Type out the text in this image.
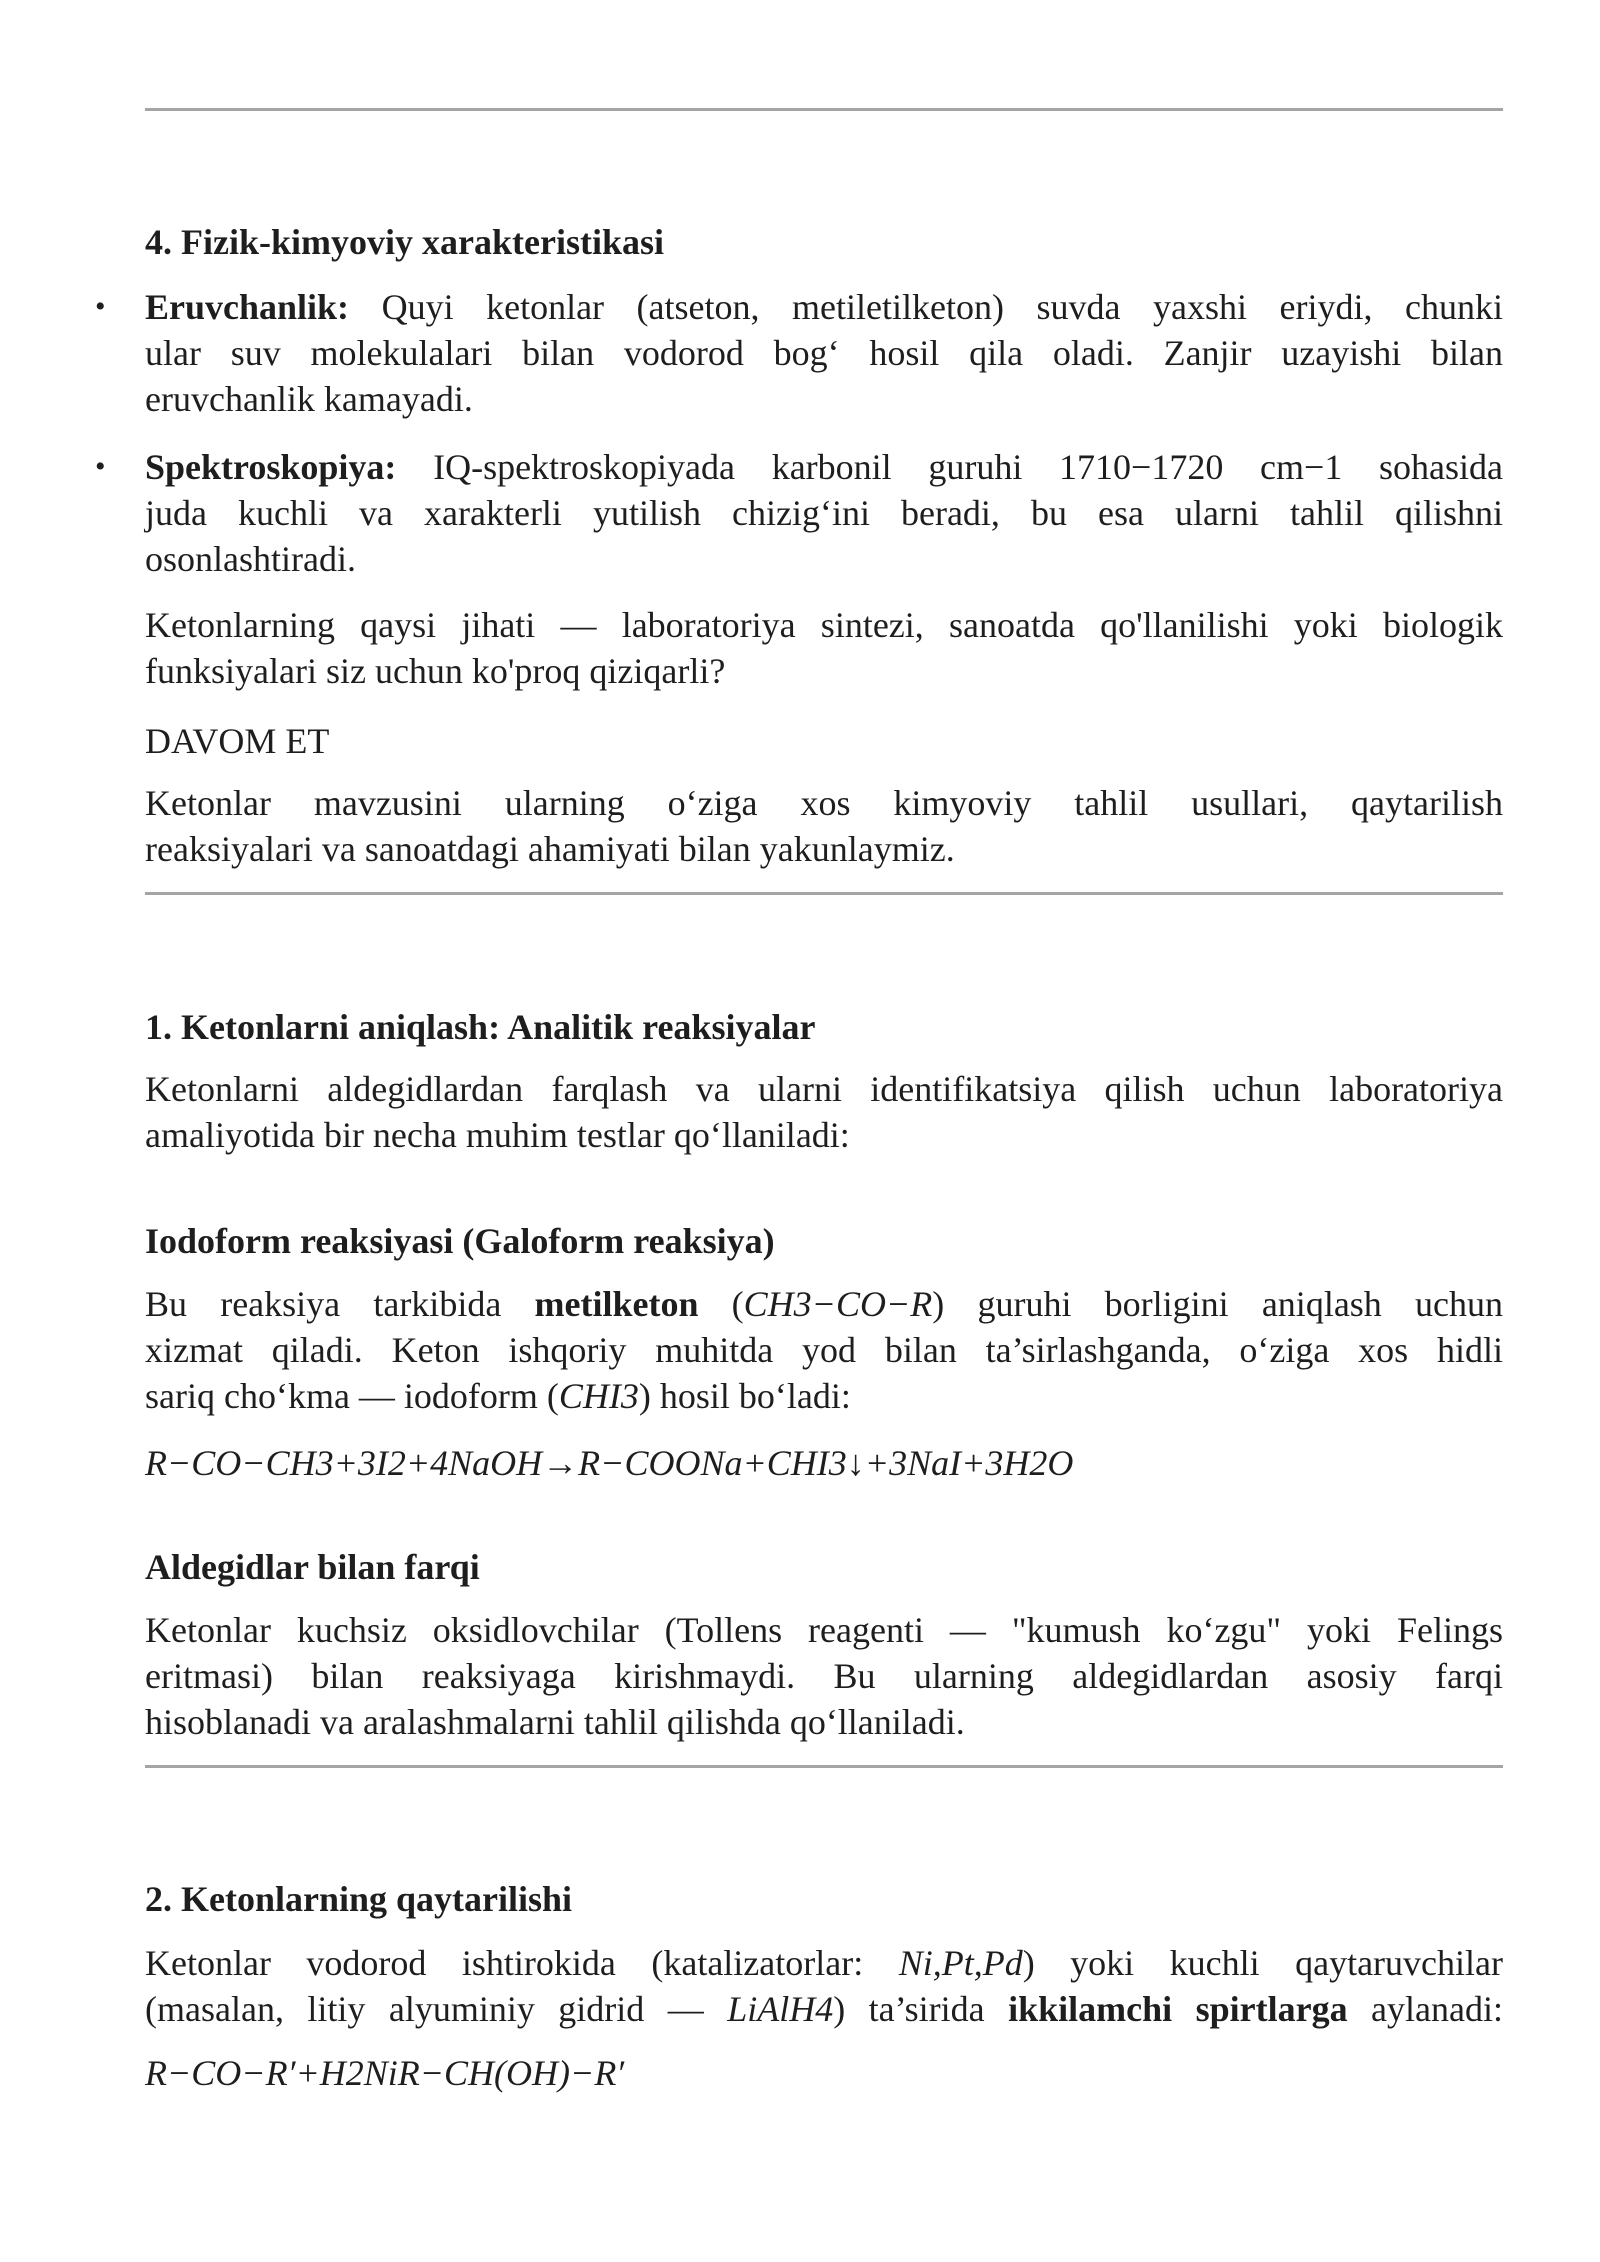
4. Fizik-kimyoviy xarakteristikasi
• Eruvchanlik: Quyi ketonlar (atseton, metiletilketon) suvda yaxshi eriydi, chunki
ular suv molekulalari bilan vodorod bog‘ hosil qila oladi. Zanjir uzayishi bilan
eruvchanlik kamayadi.
• Spektroskopiya: IQ-spektroskopiyada karbonil guruhi 1710−1720 cm−1 sohasida
juda kuchli va xarakterli yutilish chizig‘ini beradi, bu esa ularni tahlil qilishni
osonlashtiradi.
Ketonlarning qaysi jihati — laboratoriya sintezi, sanoatda qo'llanilishi yoki biologik
funksiyalari siz uchun ko'proq qiziqarli?
DAVOM ET
Ketonlar mavzusini ularning o‘ziga xos kimyoviy tahlil usullari, qaytarilish
reaksiyalari va sanoatdagi ahamiyati bilan yakunlaymiz.
1. Ketonlarni aniqlash: Analitik reaksiyalar
Ketonlarni aldegidlardan farqlash va ularni identifikatsiya qilish uchun laboratoriya
amaliyotida bir necha muhim testlar qo‘llaniladi:
Iodoform reaksiyasi (Galoform reaksiya)
Bu reaksiya tarkibida metilketon (CH3−CO−R) guruhi borligini aniqlash uchun
xizmat qiladi. Keton ishqoriy muhitda yod bilan ta’sirlashganda, o‘ziga xos hidli
sariq cho‘kma — iodoform (CHI3) hosil bo‘ladi:
R−CO−CH3+3I2+4NaOH→R−COONa+CHI3↓+3NaI+3H2O
Aldegidlar bilan farqi
Ketonlar kuchsiz oksidlovchilar (Tollens reagenti — "kumush ko‘zgu" yoki Felings
eritmasi) bilan reaksiyaga kirishmaydi. Bu ularning aldegidlardan asosiy farqi
hisoblanadi va aralashmalarni tahlil qilishda qo‘llaniladi.
2. Ketonlarning qaytarilishi
Ketonlar vodorod ishtirokida (katalizatorlar: Ni,Pt,Pd) yoki kuchli qaytaruvchilar
(masalan, litiy alyuminiy gidrid — LiAlH4) ta’sirida ikkilamchi spirtlarga aylanadi:
R−CO−R′+H2NiR−CH(OH)−R′
